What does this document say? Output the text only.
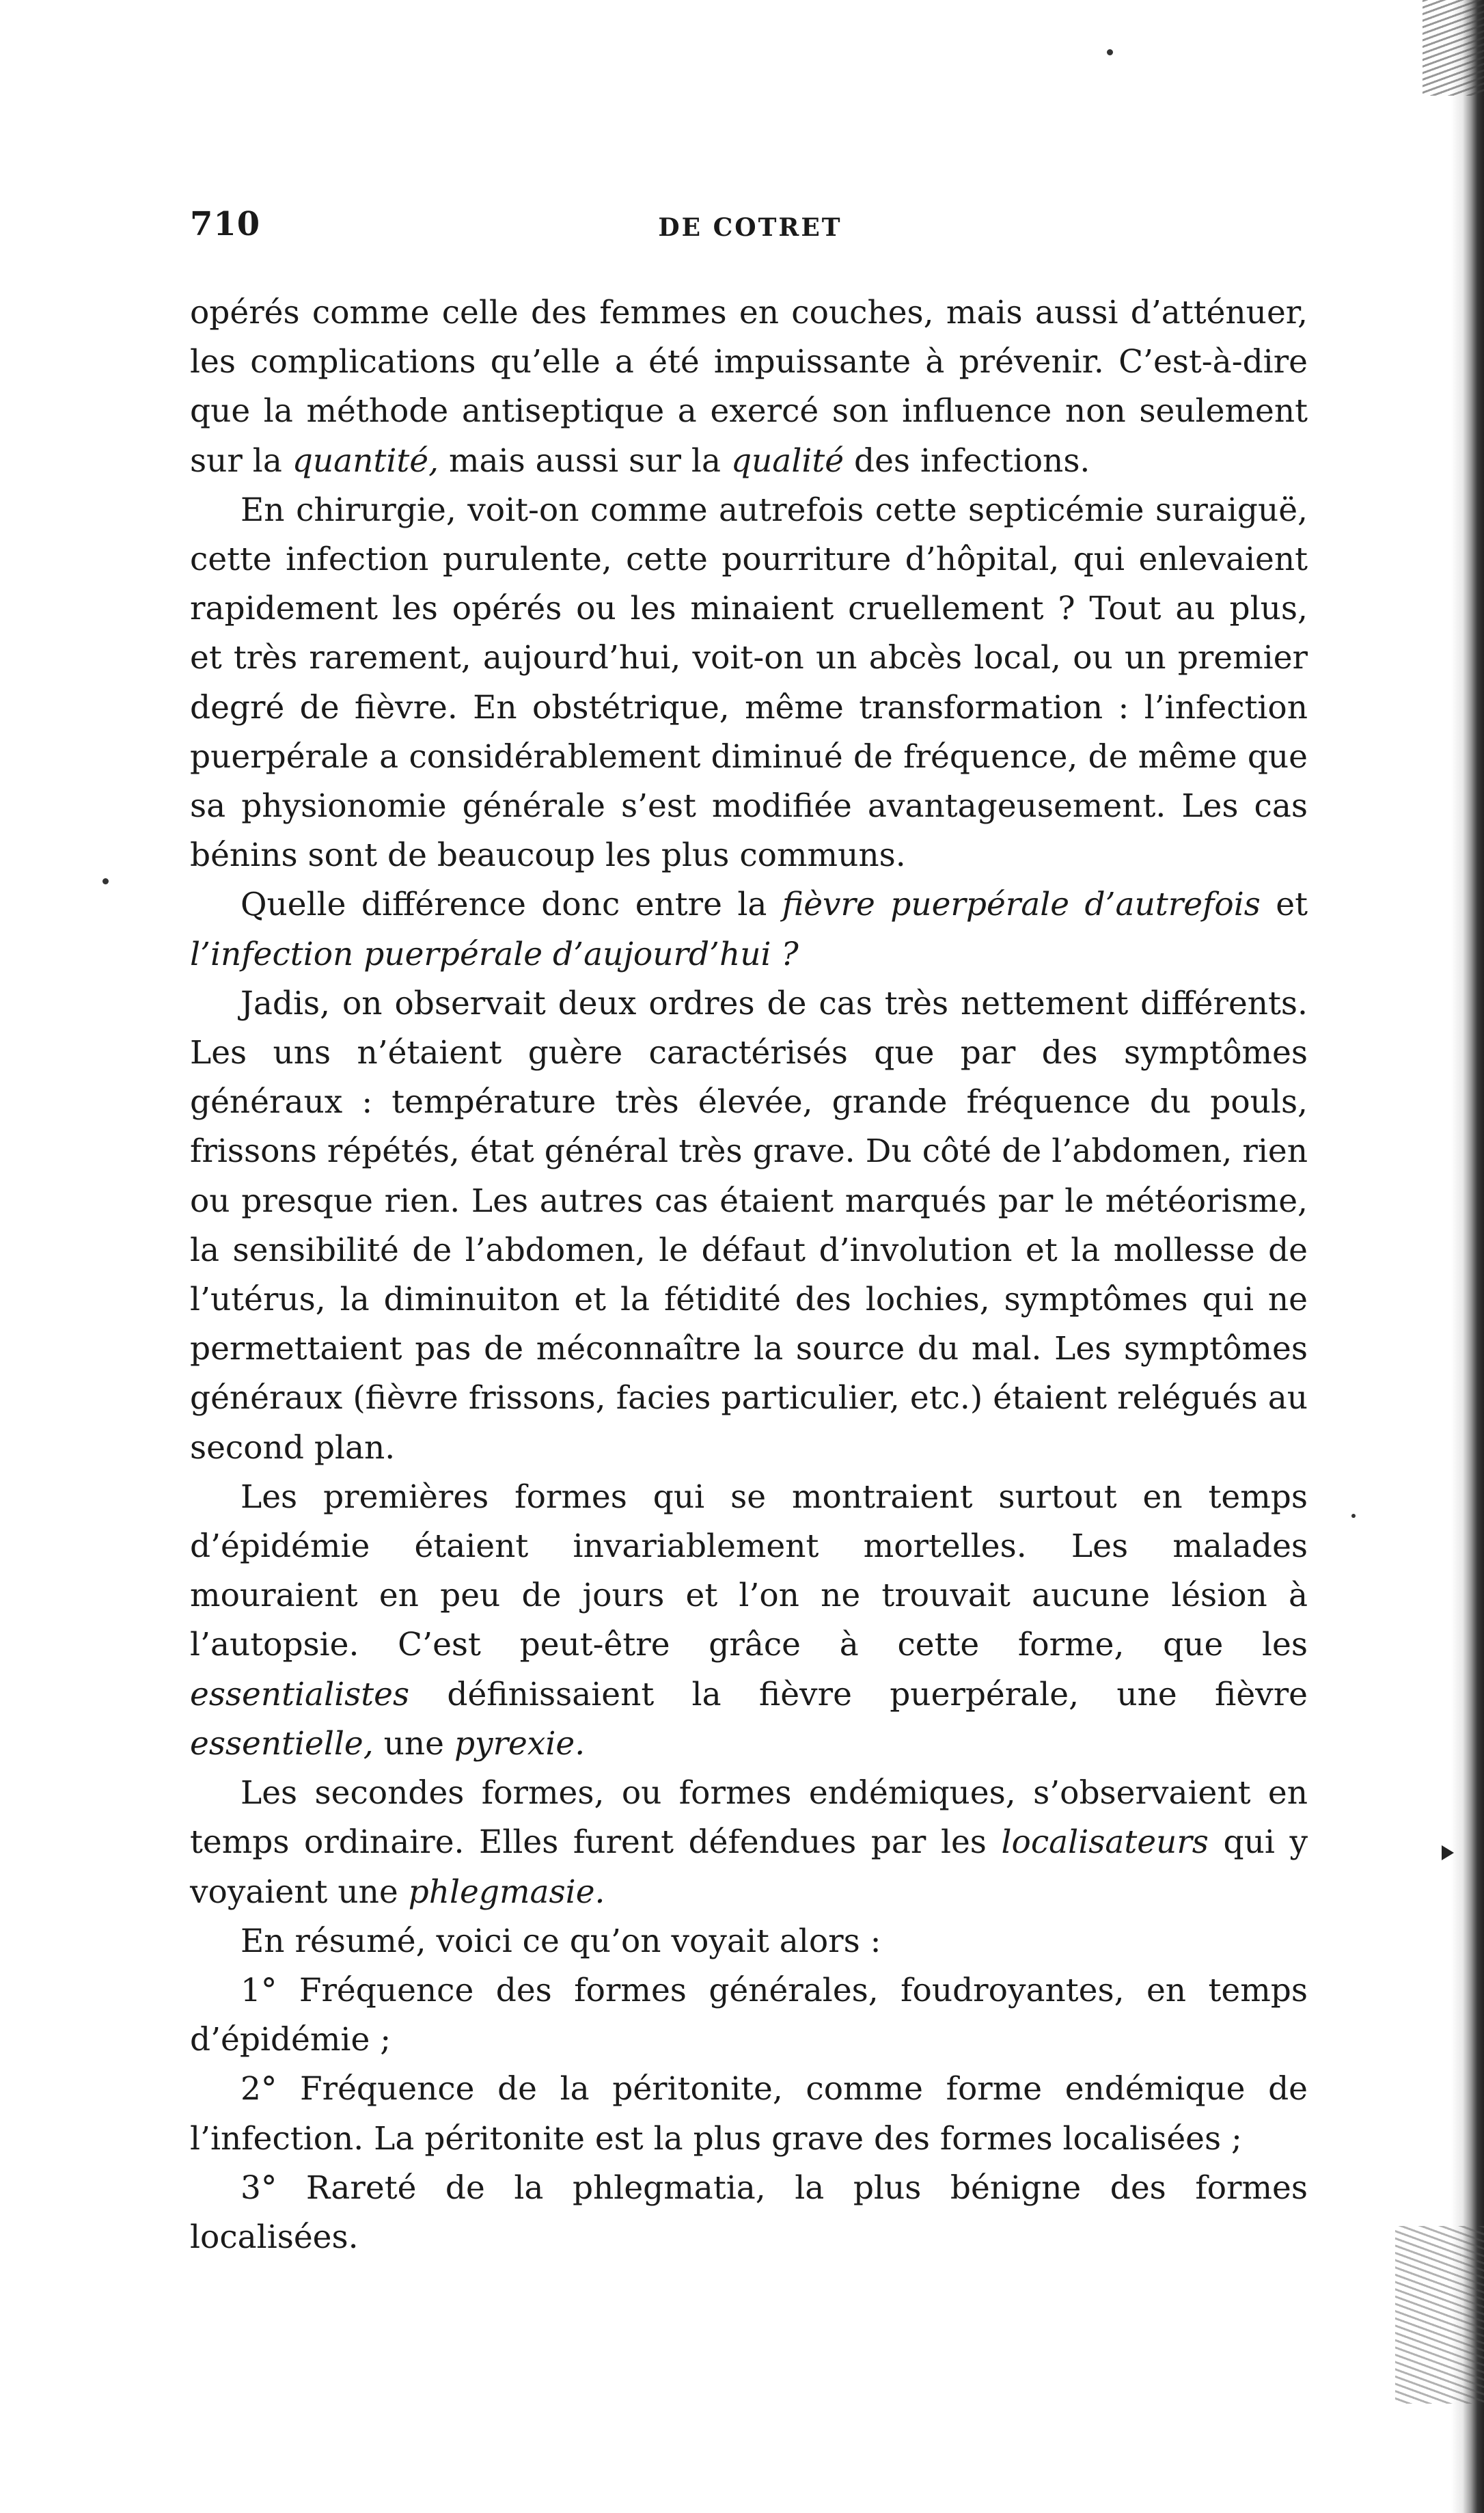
710	DE COTRET

opérés comme celle des femmes en couches, mais aussi d’atténuer, les complications qu’elle a été impuissante à prévenir. C’est-à-dire que la méthode antiseptique a exercé son influence non seulement sur la quantité, mais aussi sur la qualité des infections.

En chirurgie, voit-on comme autrefois cette septicémie suraiguë, cette infection purulente, cette pourriture d’hôpital, qui enlevaient rapidement les opérés ou les minaient cruellement ? Tout au plus, et très rarement, aujourd’hui, voit-on un abcès local, ou un premier degré de fièvre. En obstétrique, même transformation : l’infection puerpérale a considérablement diminué de fréquence, de même que sa physionomie générale s’est modifiée avantageusement. Les cas bénins sont de beaucoup les plus communs.

Quelle différence donc entre la fièvre puerpérale d’autrefois et l’infection puerpérale d’aujourd’hui ?

Jadis, on observait deux ordres de cas très nettement différents. Les uns n’étaient guère caractérisés que par des symptômes généraux : température très élevée, grande fréquence du pouls, frissons répétés, état général très grave. Du côté de l’abdomen, rien ou presque rien. Les autres cas étaient marqués par le météorisme, la sensibilité de l’abdomen, le défaut d’involution et la mollesse de l’utérus, la diminuiton et la fétidité des lochies, symptômes qui ne permettaient pas de méconnaître la source du mal. Les symptômes généraux (fièvre frissons, facies particulier, etc.) étaient relégués au second plan.

Les premières formes qui se montraient surtout en temps d’épidémie étaient invariablement mortelles. Les malades mouraient en peu de jours et l’on ne trouvait aucune lésion à l’autopsie. C’est peut-être grâce à cette forme, que les essentialistes définissaient la fièvre puerpérale, une fièvre essentielle, une pyrexie.

Les secondes formes, ou formes endémiques, s’observaient en temps ordinaire. Elles furent défendues par les localisateurs qui y voyaient une phlegmasie.

En résumé, voici ce qu’on voyait alors :

1° Fréquence des formes générales, foudroyantes, en temps d’épidémie ;

2° Fréquence de la péritonite, comme forme endémique de l’infection. La péritonite est la plus grave des formes localisées ;

3° Rareté de la phlegmatia, la plus bénigne des formes localisées.
